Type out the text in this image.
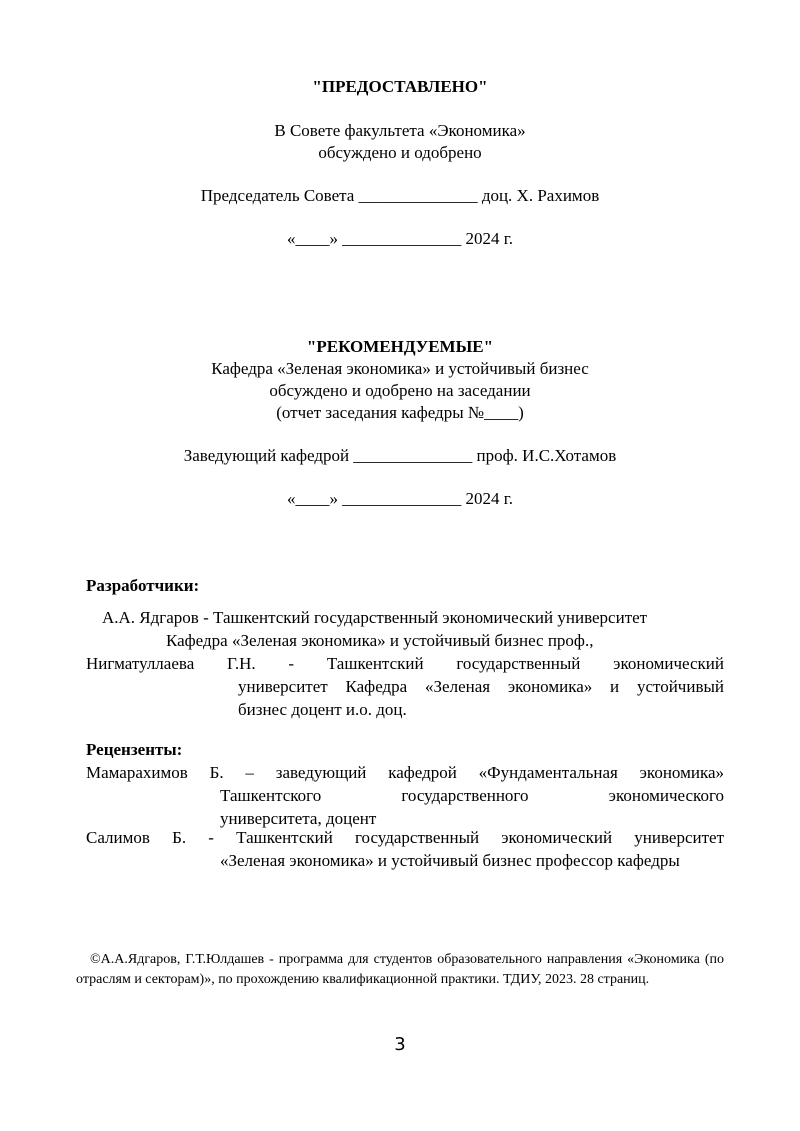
"ПРЕДОСТАВЛЕНО"
В Совете факультета «Экономика»
обсуждено и одобрено
Председатель Совета ______________ доц. Х. Рахимов
«____» ______________ 2024 г.
"РЕКОМЕНДУЕМЫЕ"
Кафедра «Зеленая экономика» и устойчивый бизнес
обсуждено и одобрено на заседании
(отчет заседания кафедры №____)
Заведующий кафедрой ______________ проф. И.С.Хотамов
«____» ______________ 2024 г.
Разработчики:
А.А. Ядгаров - Ташкентский государственный экономический университет
Кафедра «Зеленая экономика» и устойчивый бизнес проф.,
Нигматуллаева Г.Н. - Ташкентский государственный экономический
университет Кафедра «Зеленая экономика» и устойчивый
бизнес доцент и.о. доц.
Рецензенты:
Мамарахимов Б. – заведующий кафедрой «Фундаментальная экономика»
Ташкентского государственного экономического
университета, доцент
Салимов Б. - Ташкентский государственный экономический университет
«Зеленая экономика» и устойчивый бизнес профессор кафедры
©А.А.Ядгаров, Г.Т.Юлдашев - программа для студентов образовательного направления «Экономика (по отраслям и секторам)», по прохождению квалификационной практики. ТДИУ, 2023. 28 страниц.
3
